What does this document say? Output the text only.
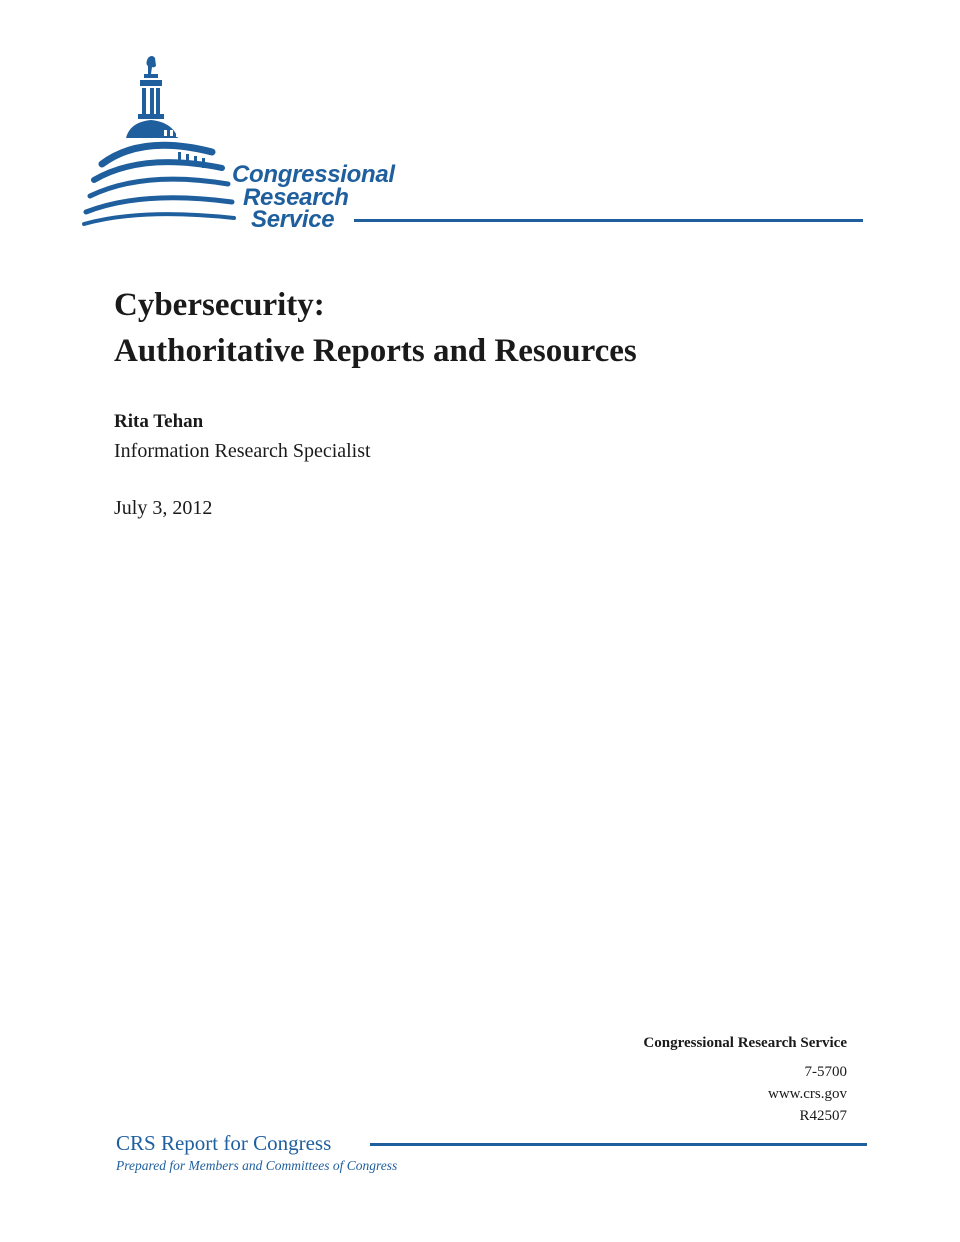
Congressional
Research
Service
Cybersecurity:
Authoritative Reports and Resources
Rita Tehan
Information Research Specialist
July 3, 2012
Congressional Research Service
7-5700
www.crs.gov
R42507
CRS Report for Congress
Prepared for Members and Committees of Congress
